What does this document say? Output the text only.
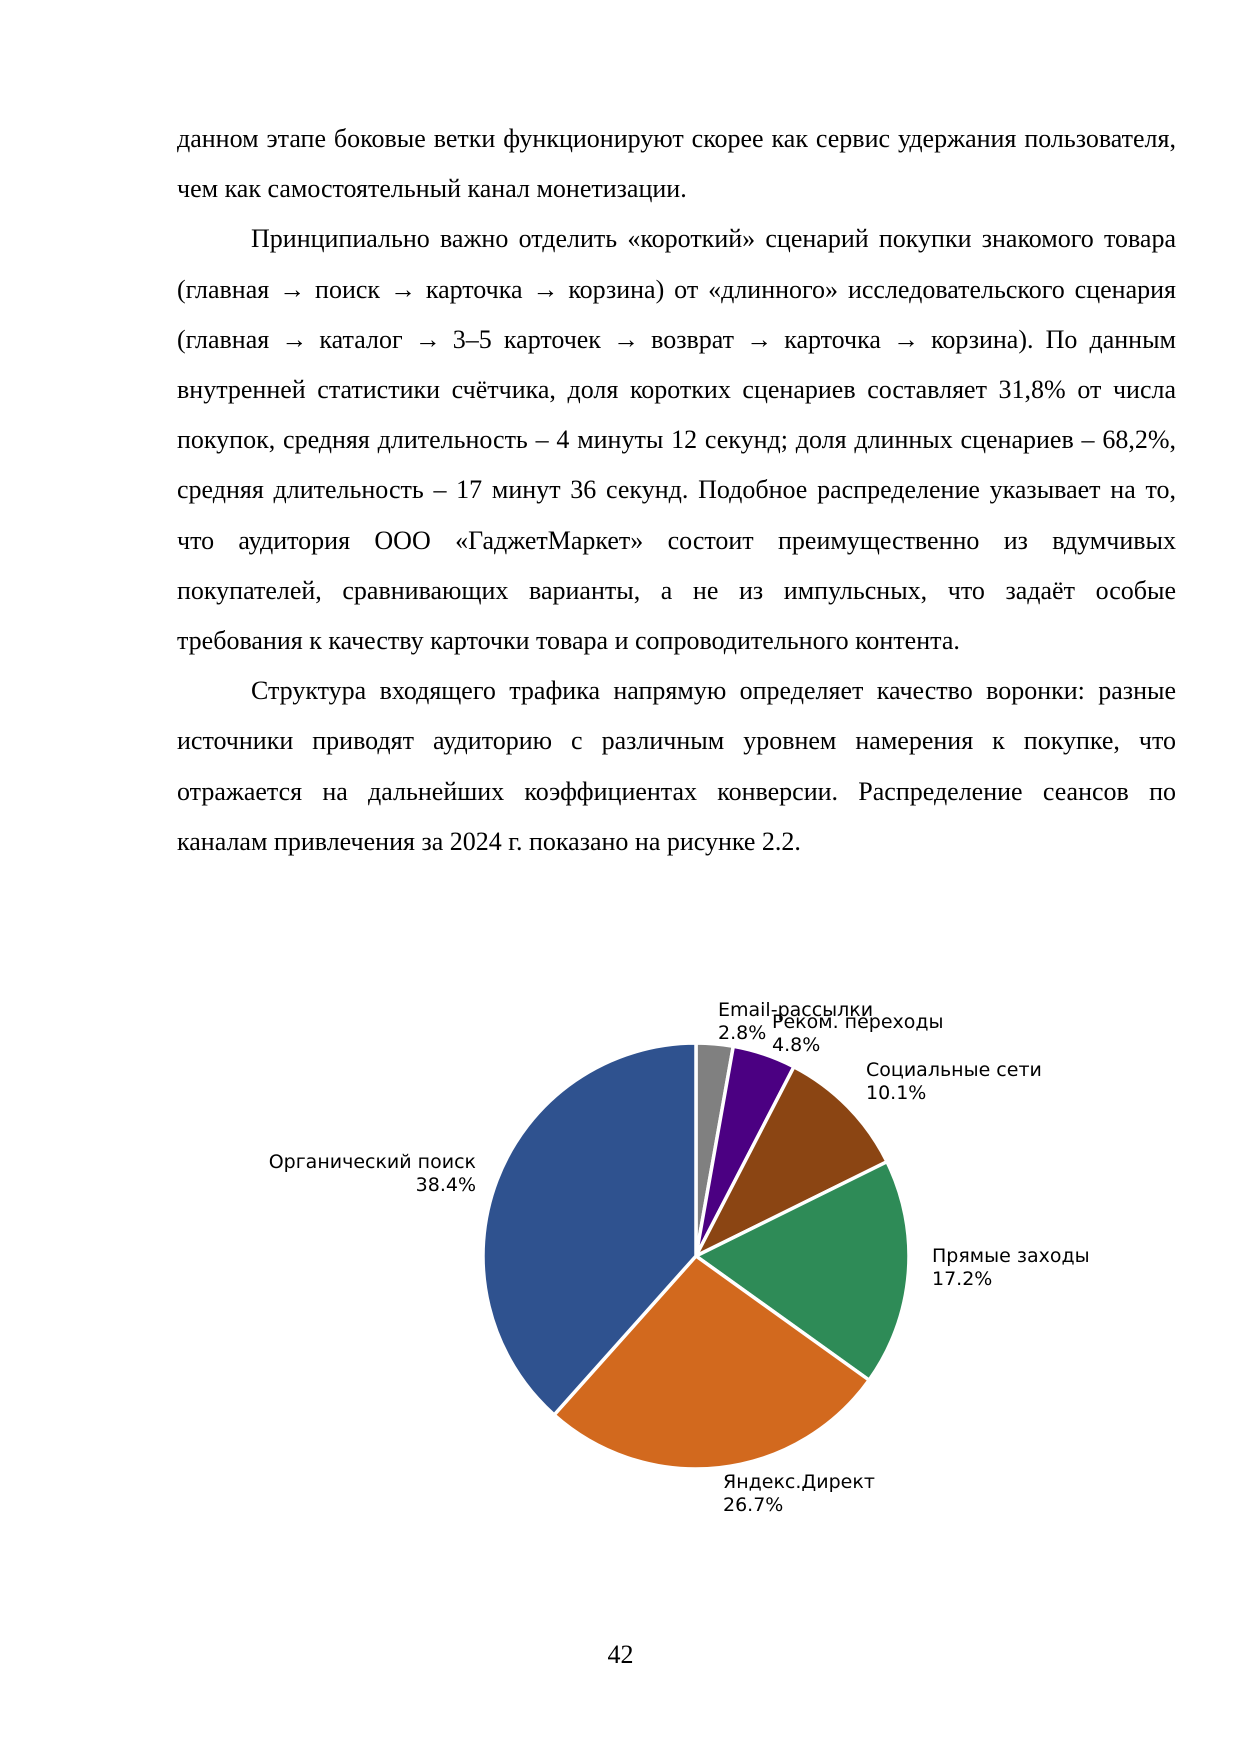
данном этапе боковые ветки функционируют скорее как сервис удержания пользователя, чем как самостоятельный канал монетизации.

Принципиально важно отделить «короткий» сценарий покупки знакомого товара (главная → поиск → карточка → корзина) от «длинного» исследовательского сценария (главная → каталог → 3–5 карточек → возврат → карточка → корзина). По данным внутренней статистики счётчика, доля коротких сценариев составляет 31,8% от числа покупок, средняя длительность – 4 минуты 12 секунд; доля длинных сценариев – 68,2%, средняя длительность – 17 минут 36 секунд. Подобное распределение указывает на то, что аудитория ООО «ГаджетМаркет» состоит преимущественно из вдумчивых покупателей, сравнивающих варианты, а не из импульсных, что задаёт особые требования к качеству карточки товара и сопроводительного контента.

Структура входящего трафика напрямую определяет качество воронки: разные источники приводят аудиторию с различным уровнем намерения к покупке, что отражается на дальнейших коэффициентах конверсии. Распределение сеансов по каналам привлечения за 2024 г. показано на рисунке 2.2.

Email-рассылки
2.8% Реком. переходы
4.8%
Социальные сети
10.1%
Прямые заходы
17.2%
Яндекс.Директ
26.7%
Органический поиск
38.4%
42
